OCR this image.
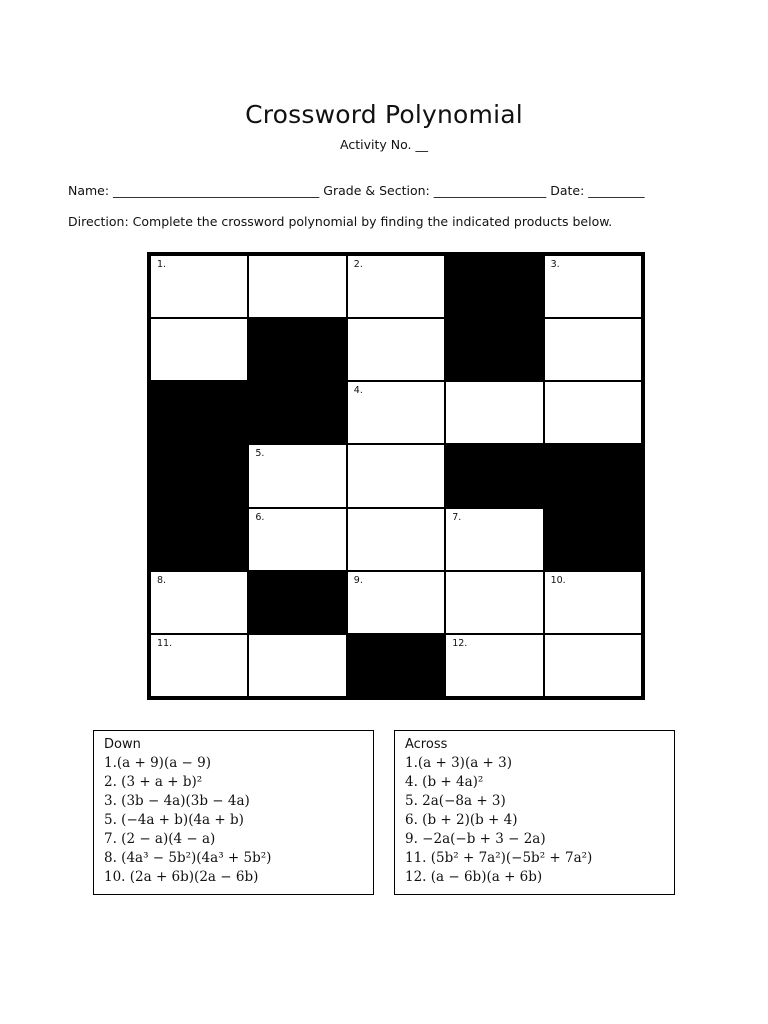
Crossword Polynomial
Activity No. __
Name: _________________________________ Grade & Section: __________________ Date: _________
Direction: Complete the crossword polynomial by finding the indicated products below.
1.	2.	3.
4.
5.
6.	7.
8.	9.	10.
11.	12.
Down
1.(a + 9)(a − 9)
2. (3 + a + b)²
3. (3b − 4a)(3b − 4a)
5. (−4a + b)(4a + b)
7. (2 − a)(4 − a)
8. (4a³ − 5b²)(4a³ + 5b²)
10. (2a + 6b)(2a − 6b)
Across
1.(a + 3)(a + 3)
4. (b + 4a)²
5. 2a(−8a + 3)
6. (b + 2)(b + 4)
9. −2a(−b + 3 − 2a)
11. (5b² + 7a²)(−5b² + 7a²)
12. (a − 6b)(a + 6b)
